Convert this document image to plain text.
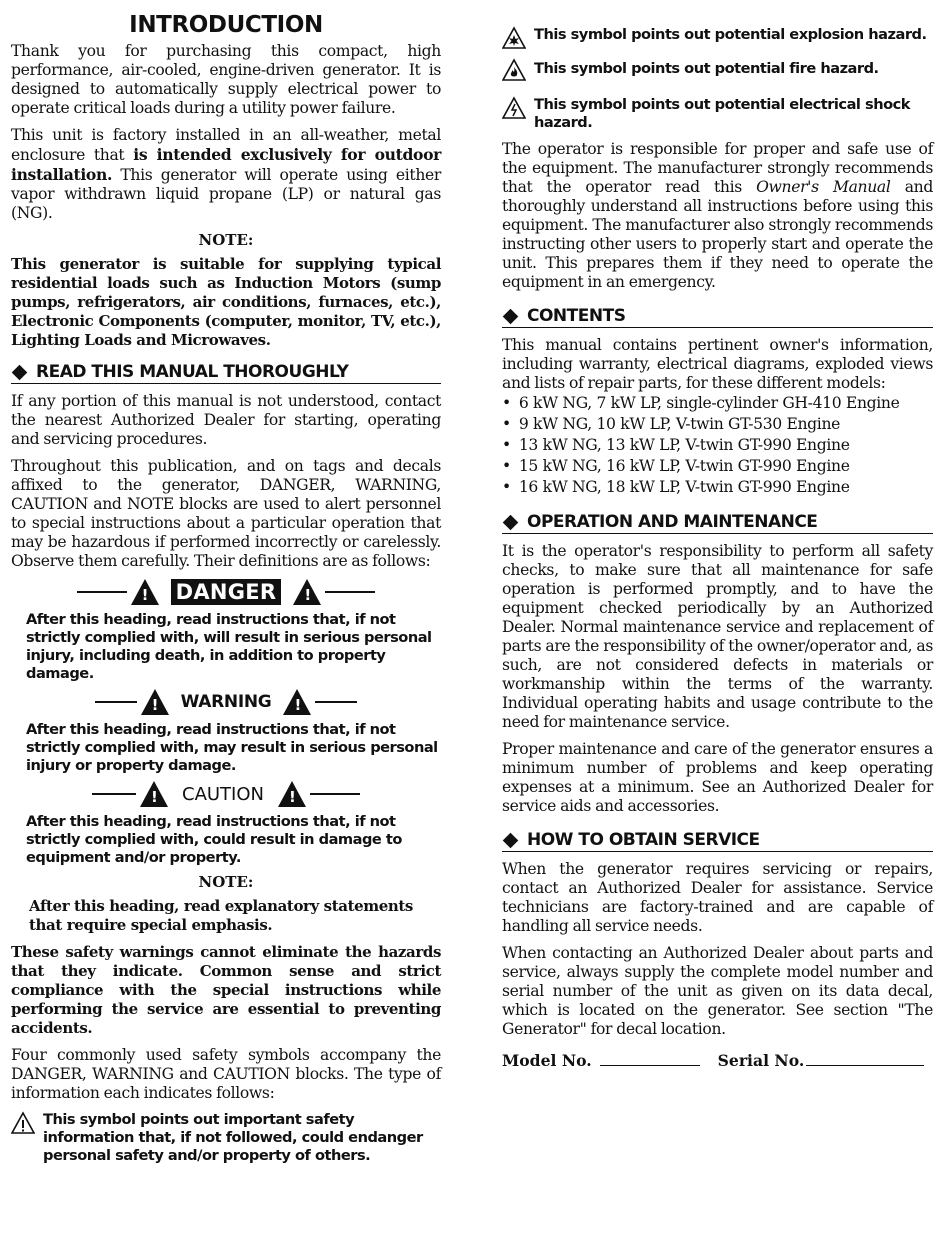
INTRODUCTION

Thank you for purchasing this compact, high performance, air-cooled, engine-driven generator. It is designed to automatically supply electrical power to operate critical loads during a utility power failure.

This unit is factory installed in an all-weather, metal enclosure that is intended exclusively for outdoor installation. This generator will operate using either vapor withdrawn liquid propane (LP) or natural gas (NG).

NOTE:

This generator is suitable for supplying typical residential loads such as Induction Motors (sump pumps, refrigerators, air conditions, furnaces, etc.), Electronic Components (computer, monitor, TV, etc.), Lighting Loads and Microwaves.

READ THIS MANUAL THOROUGHLY

If any portion of this manual is not understood, contact the nearest Authorized Dealer for starting, operating and servicing procedures.

Throughout this publication, and on tags and decals affixed to the generator, DANGER, WARNING, CAUTION and NOTE blocks are used to alert personnel to special instructions about a particular operation that may be hazardous if performed incorrectly or carelessly. Observe them carefully. Their definitions are as follows:

! DANGER	!

After this heading, read instructions that, if not strictly complied with, will result in serious personal injury, including death, in addition to property damage.

! WARNING !

After this heading, read instructions that, if not strictly complied with, may result in serious personal injury or property damage.

! CAUTION !

After this heading, read instructions that, if not strictly complied with, could result in damage to equipment and/or property.

NOTE:

After this heading, read explanatory statements that require special emphasis.

These safety warnings cannot eliminate the hazards that they indicate. Common sense and strict compliance with the special instructions while performing the service are essential to preventing accidents.

Four commonly used safety symbols accompany the DANGER, WARNING and CAUTION blocks. The type of information each indicates follows:

This symbol points out important safety information that, if not followed, could endanger personal safety and/or property of others.
This symbol points out potential explosion hazard.
This symbol points out potential fire hazard.
This symbol points out potential electrical shock hazard.

The operator is responsible for proper and safe use of the equipment. The manufacturer strongly recommends that the operator read this Owner's Manual and thoroughly understand all instructions before using this equipment. The manufacturer also strongly recommends instructing other users to properly start and operate the unit. This prepares them if they need to operate the equipment in an emergency.

CONTENTS

This manual contains pertinent owner's information, including warranty, electrical diagrams, exploded views and lists of repair parts, for these different models:

• 6 kW NG, 7 kW LP, single-cylinder GH-410 Engine
• 9 kW NG, 10 kW LP, V-twin GT-530 Engine
• 13 kW NG, 13 kW LP, V-twin GT-990 Engine
• 15 kW NG, 16 kW LP, V-twin GT-990 Engine
• 16 kW NG, 18 kW LP, V-twin GT-990 Engine
OPERATION AND MAINTENANCE

It is the operator's responsibility to perform all safety checks, to make sure that all maintenance for safe operation is performed promptly, and to have the equipment checked periodically by an Authorized Dealer. Normal maintenance service and replacement of parts are the responsibility of the owner/operator and, as such, are not considered defects in materials or workmanship within the terms of the warranty. Individual operating habits and usage contribute to the need for maintenance service.

Proper maintenance and care of the generator ensures a minimum number of problems and keep operating expenses at a minimum. See an Authorized Dealer for service aids and accessories.

HOW TO OBTAIN SERVICE

When the generator requires servicing or repairs, contact an Authorized Dealer for assistance. Service technicians are factory-trained and are capable of handling all service needs.

When contacting an Authorized Dealer about parts and service, always supply the complete model number and serial number of the unit as given on its data decal, which is located on the generator. See section "The Generator" for decal location.

Model No.	Serial No.
